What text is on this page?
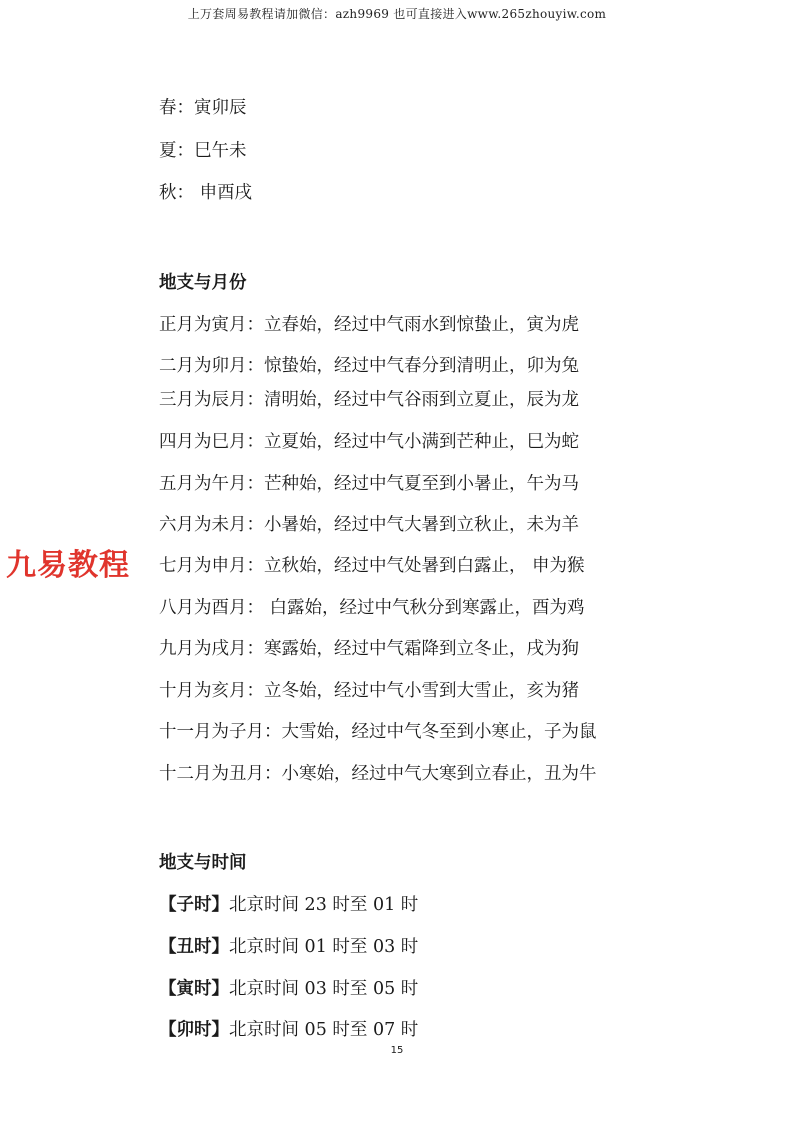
上万套周易教程请加微信：azh9969 也可直接进入www.265zhouyiw.com
春：寅卯辰
夏：巳午未
秋： 申酉戌
地支与月份
正月为寅月：立春始，经过中气雨水到惊蛰止，寅为虎
二月为卯月：惊蛰始，经过中气春分到清明止，卯为兔
三月为辰月：清明始，经过中气谷雨到立夏止，辰为龙
四月为巳月：立夏始，经过中气小满到芒种止，巳为蛇
五月为午月：芒种始，经过中气夏至到小暑止，午为马
六月为未月：小暑始，经过中气大暑到立秋止，未为羊
七月为申月：立秋始，经过中气处暑到白露止， 申为猴
八月为酉月： 白露始，经过中气秋分到寒露止，酉为鸡
九月为戌月：寒露始，经过中气霜降到立冬止，戌为狗
十月为亥月：立冬始，经过中气小雪到大雪止，亥为猪
十一月为子月：大雪始，经过中气冬至到小寒止，子为鼠
十二月为丑月：小寒始，经过中气大寒到立春止，丑为牛
地支与时间
【子时】北京时间 23 时至 01 时
【丑时】北京时间 01 时至 03 时
【寅时】北京时间 03 时至 05 时
【卯时】北京时间 05 时至 07 时
九易教程
15
